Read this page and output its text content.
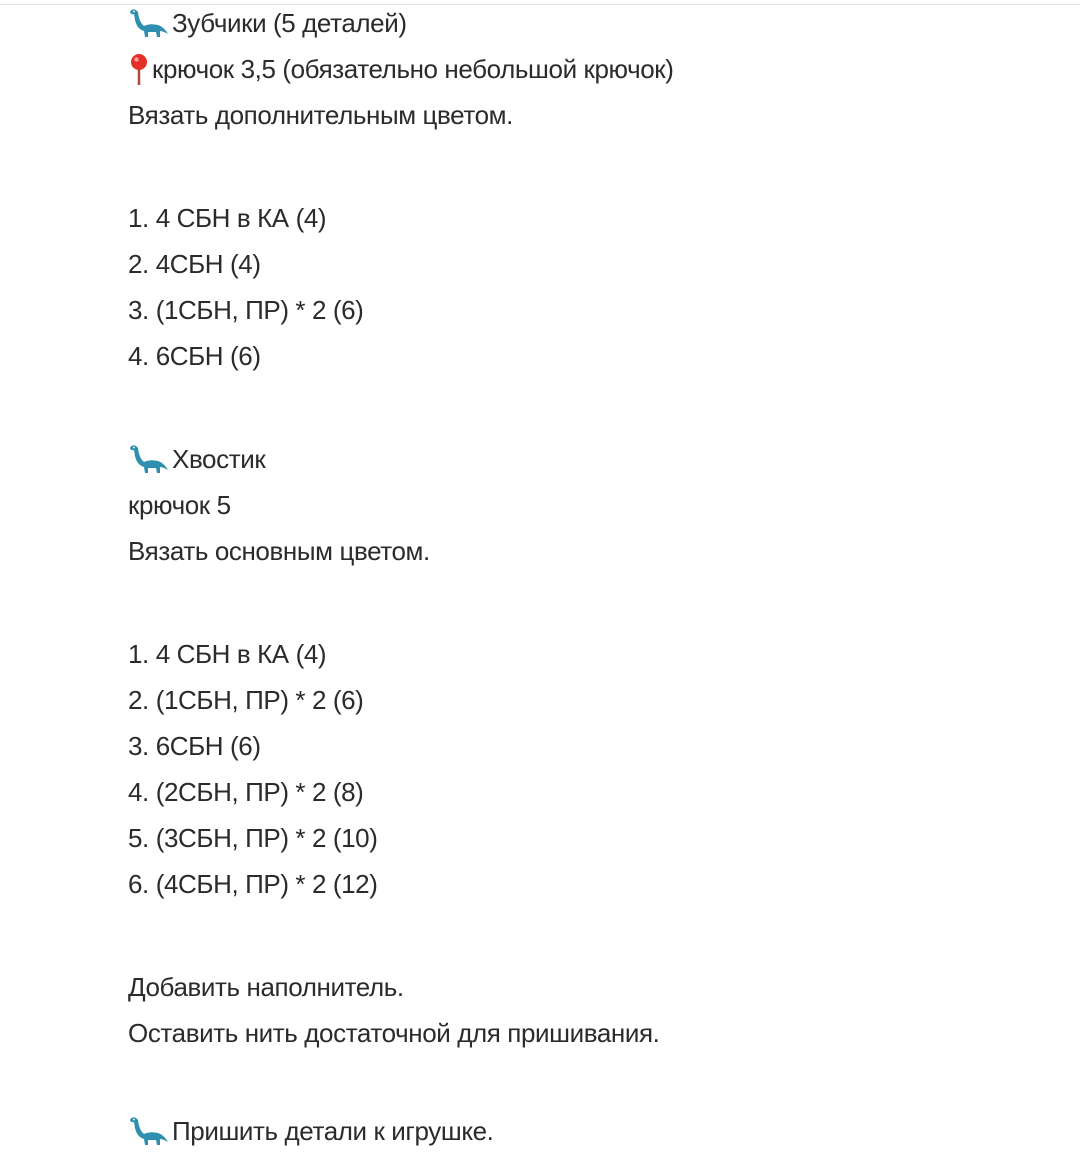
Зубчики (5 деталей)
крючок 3,5 (обязательно небольшой крючок)
Вязать дополнительным цветом.
1. 4 СБН в КА (4)
2. 4СБН (4)
3. (1СБН, ПР) * 2 (6)
4. 6СБН (6)
Хвостик
крючок 5
Вязать основным цветом.
1. 4 СБН в КА (4)
2. (1СБН, ПР) * 2 (6)
3. 6СБН (6)
4. (2СБН, ПР) * 2 (8)
5. (3СБН, ПР) * 2 (10)
6. (4СБН, ПР) * 2 (12)
Добавить наполнитель.
Оставить нить достаточной для пришивания.
Пришить детали к игрушке.
